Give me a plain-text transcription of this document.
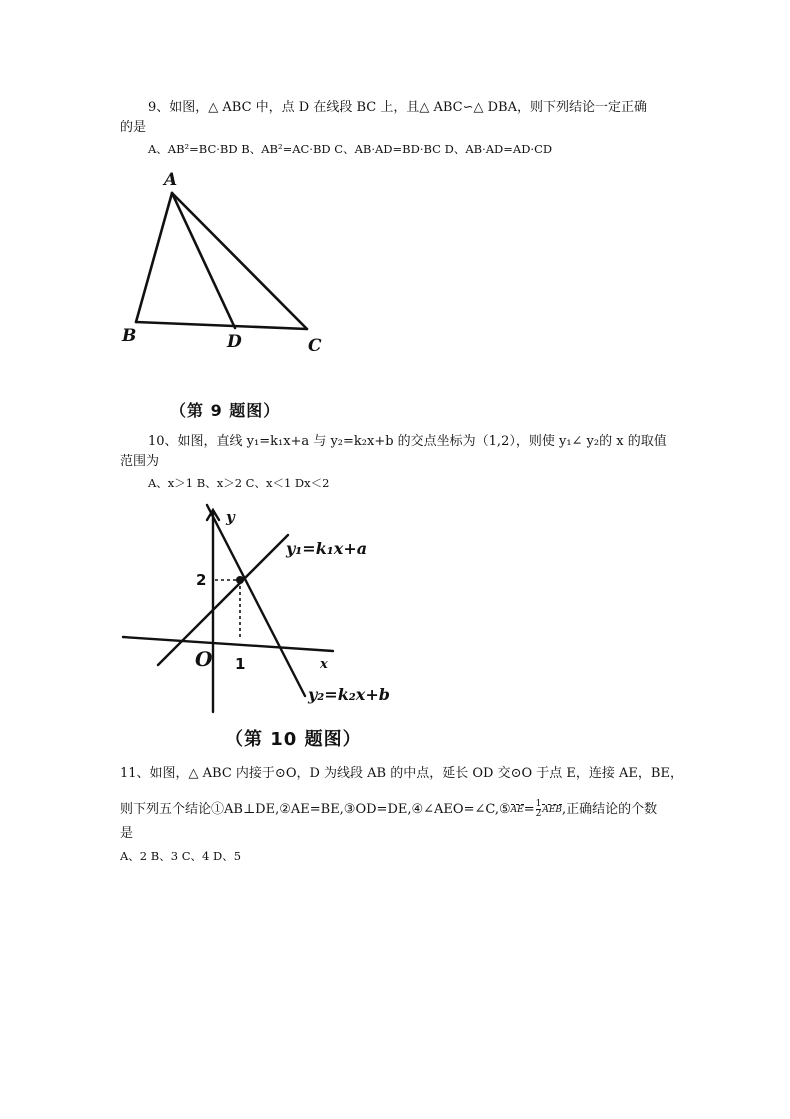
9、如图，△ ABC 中，点 D 在线段 BC 上，且△ ABC∽△ DBA，则下列结论一定正确
的是
A、AB²=BC·BD B、AB²=AC·BD C、AB·AD=BD·BC D、AB·AD=AD·CD
A
B	D	C
（第 9 题图）
10、如图，直线 y₁=k₁x+a 与 y₂=k₂x+b 的交点坐标为（1,2），则使 y₁∠ y₂的 x 的取值
范围为
A、x＞1 B、x＞2 C、x＜1 Dx＜2
y
x
O
y₁=k₁x+a
y₂=k₂x+b
1
2
（第 10 题图）
11、如图，△ ABC 内接于⊙O，D 为线段 AB 的中点，延长 OD 交⊙O 于点 E，连接 AE，BE，
则下列五个结论①AB⊥DE,②AE=BE,③OD=DE,④∠AEO=∠C,⑤AE= $\frac{1}{2}AEB$,正确结论的个数
是
A、2 B、3 C、4 D、5
